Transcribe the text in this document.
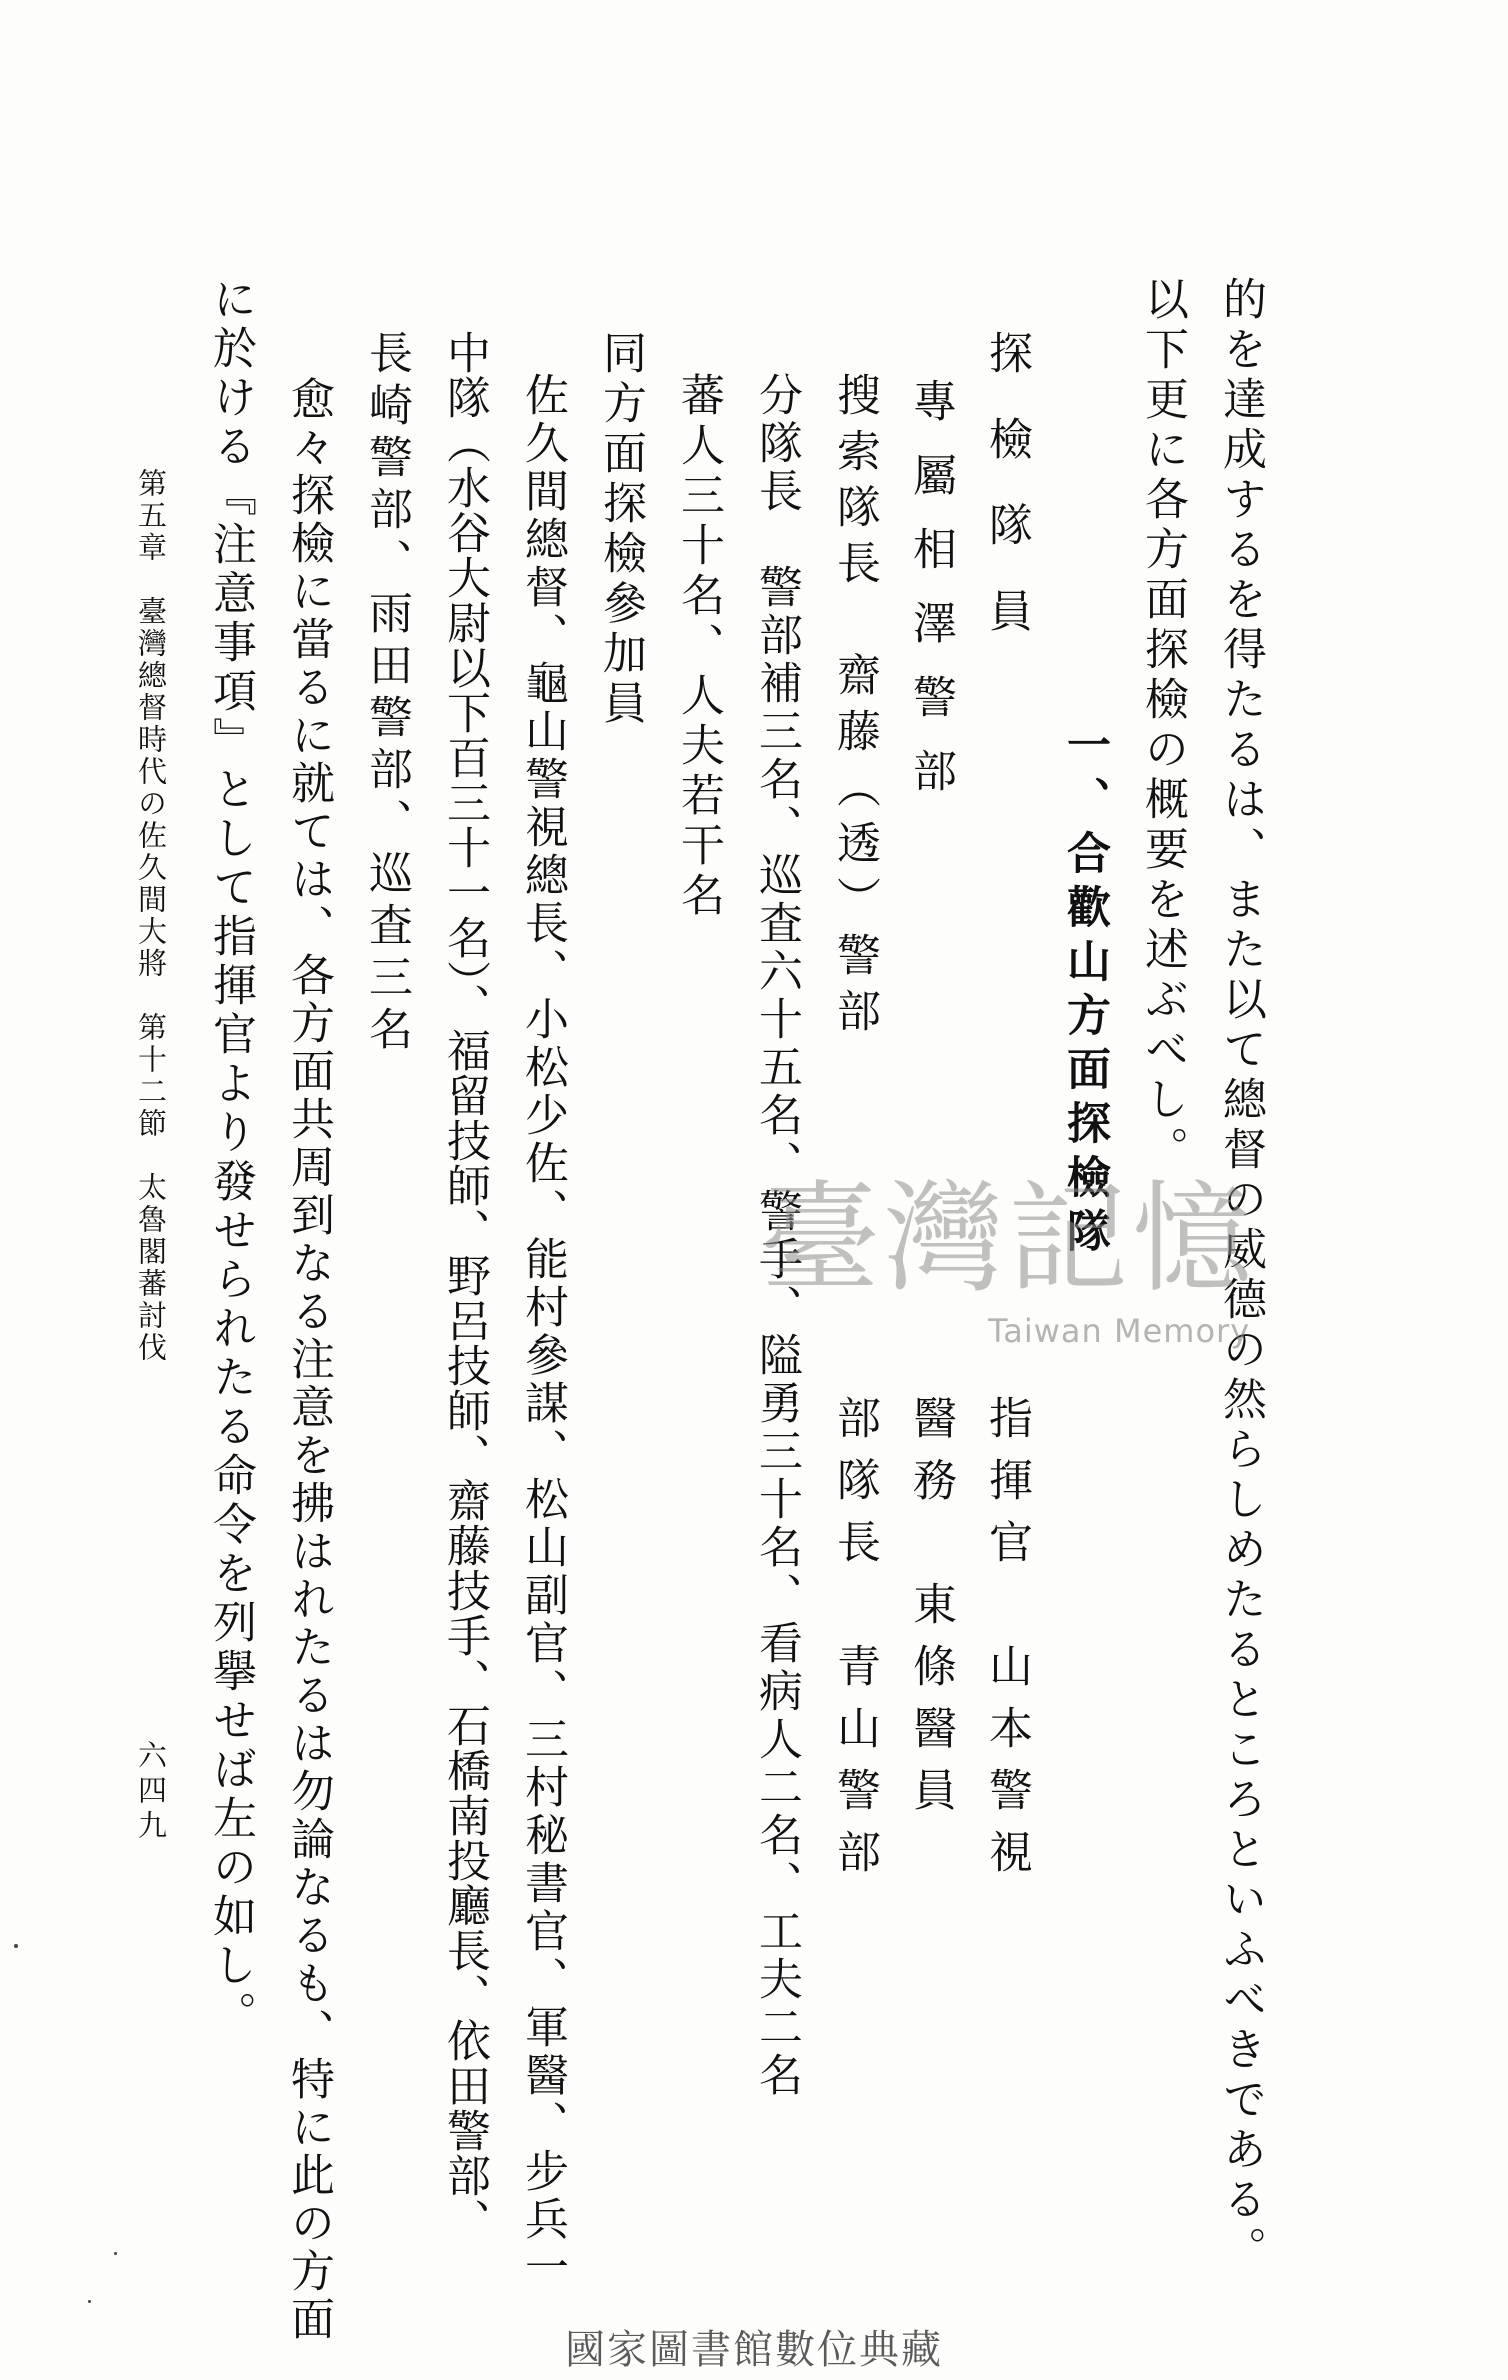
的を達成するを得たるは、また以て總督の威德の然らしめたるところといふべきである。
以下更に各方面探檢の概要を述ぶべし。
一、合歡山方面探檢隊
探檢隊員
指揮官　山本警視
專屬相澤警部
醫務　東條醫員
搜索隊長　齋藤（透）警部
部隊長　青山警部
分隊長　警部補三名、巡査六十五名、警手、隘勇三十名、看病人二名、工夫二名
蕃人三十名、人夫若干名
同方面探檢參加員
佐久間總督、龜山警視總長、小松少佐、能村參謀、松山副官、三村秘書官、軍醫、步兵一
中隊（水谷大尉以下百三十一名）、福留技師、野呂技師、齋藤技手、石橋南投廳長、依田警部、
長崎警部、雨田警部、巡査三名
愈々探檢に當るに就ては、各方面共周到なる注意を拂はれたるは勿論なるも、特に此の方面
に於ける『注意事項』として指揮官より發せられたる命令を列擧せば左の如し。
第五章　臺灣總督時代の佐久間大將　第十二節　太魯閣蕃討伐
六四九
臺灣記憶
Taiwan Memory
國家圖書館數位典藏
